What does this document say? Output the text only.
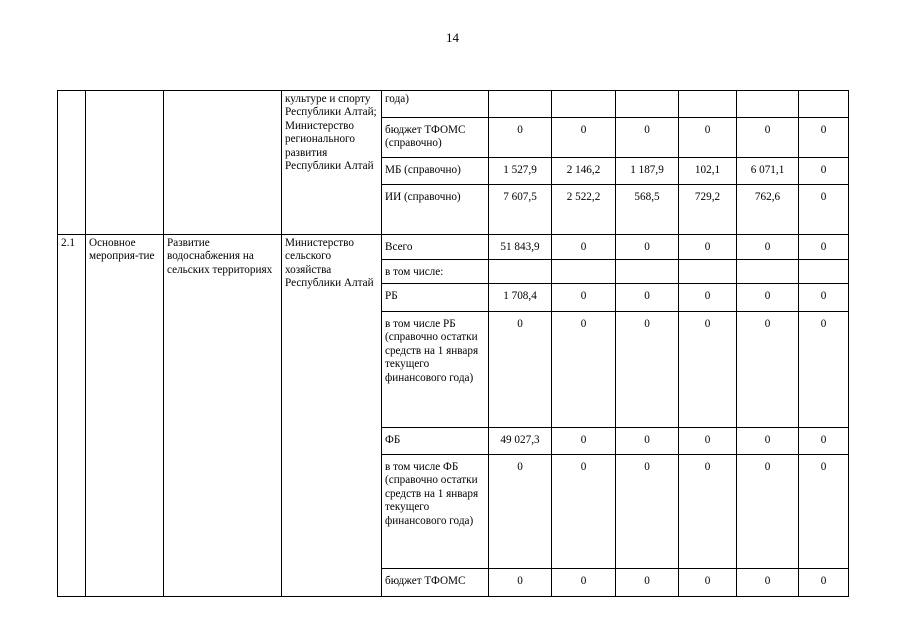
14
			культуре и спорту Республики Алтай; Министерство регионального развития Республики Алтай	года)						
				бюджет ТФОМС (справочно)	0	0	0	0	0	0
				МБ (справочно)	1 527,9	2 146,2	1 187,9	102,1	6 071,1	0
				ИИ (справочно)	7 607,5	2 522,2	568,5	729,2	762,6	0
2.1	Основное мероприя-тие	Развитие водоснабжения на сельских территориях	Министерство сельского хозяйства Республики Алтай	Всего	51 843,9	0	0	0	0	0
				в том числе:						
				РБ	1 708,4	0	0	0	0	0
				в том числе РБ (справочно остатки средств на 1 января текущего финансового года)	0	0	0	0	0	0
				ФБ	49 027,3	0	0	0	0	0
				в том числе ФБ (справочно остатки средств на 1 января текущего финансового года)	0	0	0	0	0	0
				бюджет ТФОМС	0	0	0	0	0	0
